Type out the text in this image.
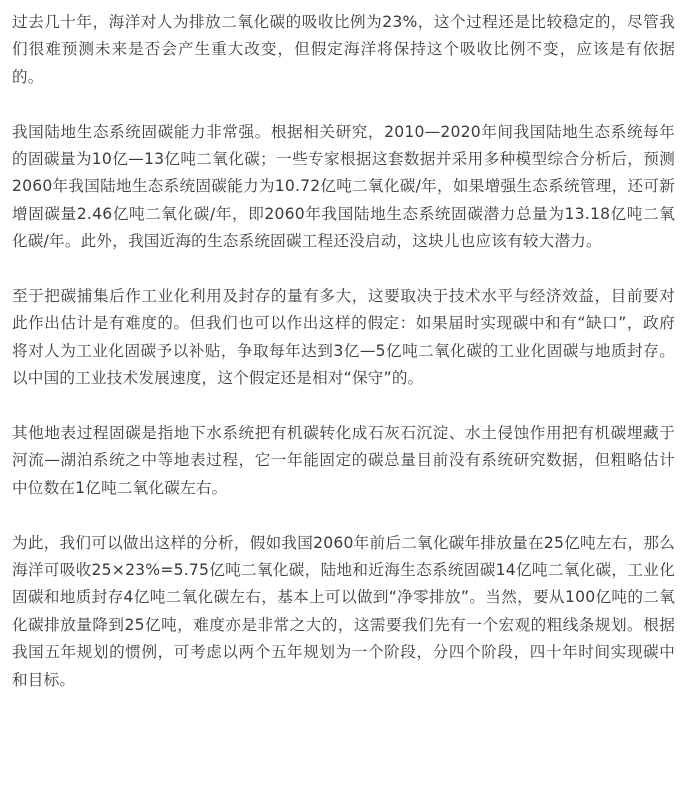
过去几十年，海洋对人为排放二氧化碳的吸收比例为23%，这个过程还是比较稳定的，尽管我们很难预测未来是否会产生重大改变，但假定海洋将保持这个吸收比例不变，应该是有依据的。

我国陆地生态系统固碳能力非常强。根据相关研究，2010—2020年间我国陆地生态系统每年的固碳量为10亿—13亿吨二氧化碳；一些专家根据这套数据并采用多种模型综合分析后，预测2060年我国陆地生态系统固碳能力为10.72亿吨二氧化碳/年，如果增强生态系统管理，还可新增固碳量2.46亿吨二氧化碳/年，即2060年我国陆地生态系统固碳潜力总量为13.18亿吨二氧化碳/年。此外，我国近海的生态系统固碳工程还没启动，这块儿也应该有较大潜力。

至于把碳捕集后作工业化利用及封存的量有多大，这要取决于技术水平与经济效益，目前要对此作出估计是有难度的。但我们也可以作出这样的假定：如果届时实现碳中和有“缺口”，政府将对人为工业化固碳予以补贴，争取每年达到3亿—5亿吨二氧化碳的工业化固碳与地质封存。以中国的工业技术发展速度，这个假定还是相对“保守”的。

其他地表过程固碳是指地下水系统把有机碳转化成石灰石沉淀、水土侵蚀作用把有机碳埋藏于河流—湖泊系统之中等地表过程，它一年能固定的碳总量目前没有系统研究数据，但粗略估计中位数在1亿吨二氧化碳左右。

为此，我们可以做出这样的分析，假如我国2060年前后二氧化碳年排放量在25亿吨左右，那么海洋可吸收25×23%=5.75亿吨二氧化碳，陆地和近海生态系统固碳14亿吨二氧化碳，工业化固碳和地质封存4亿吨二氧化碳左右，基本上可以做到“净零排放”。当然，要从100亿吨的二氧化碳排放量降到25亿吨，难度亦是非常之大的，这需要我们先有一个宏观的粗线条规划。根据我国五年规划的惯例，可考虑以两个五年规划为一个阶段，分四个阶段，四十年时间实现碳中和目标。
